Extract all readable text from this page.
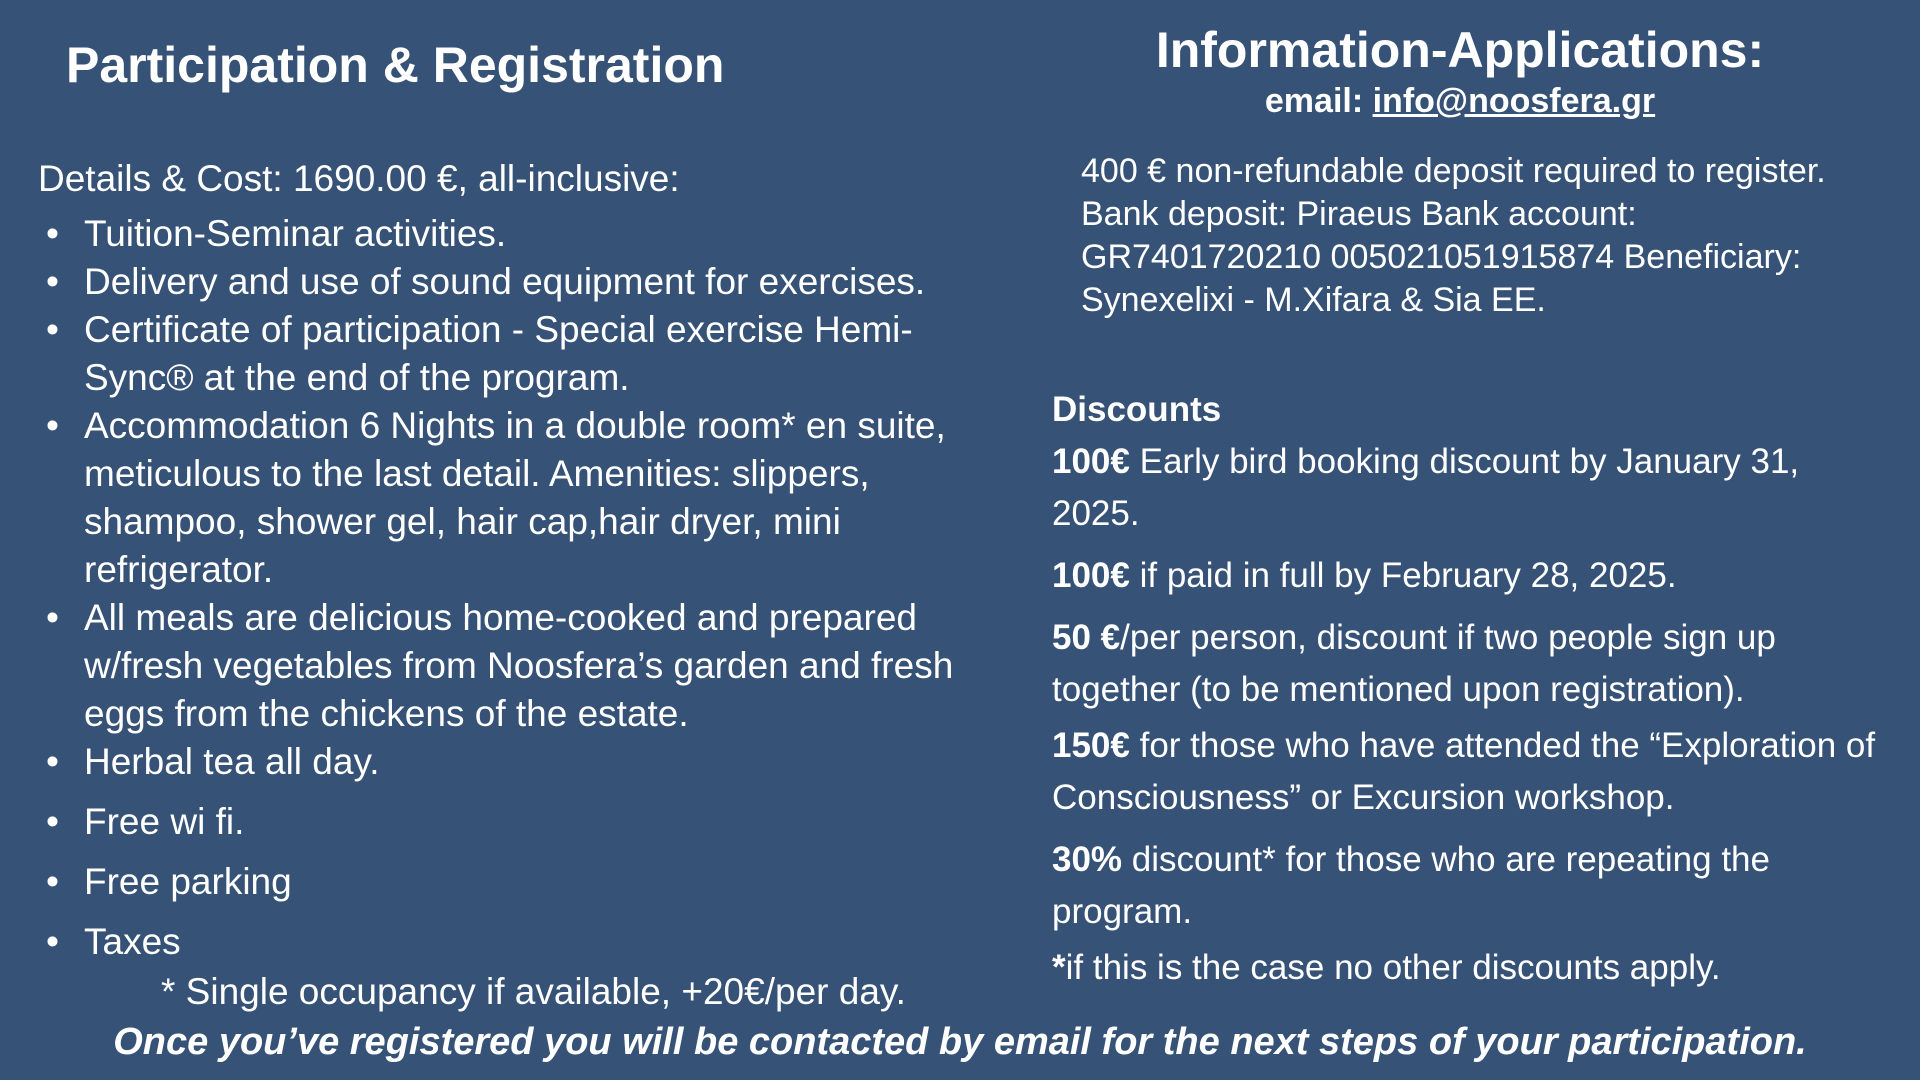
Participation & Registration
Details & Cost: 1690.00 €, all-inclusive:
• Tuition-Seminar activities.
• Delivery and use of sound equipment for exercises.
• Certificate of participation - Special exercise Hemi-Sync® at the end of the program.
• Accommodation 6 Nights in a double room* en suite, meticulous to the last detail. Amenities: slippers, shampoo, shower gel, hair cap,hair dryer, mini refrigerator.
• All meals are delicious home-cooked and prepared w/fresh vegetables from Noosfera’s garden and fresh eggs from the chickens of the estate.
• Herbal tea all day.
• Free wi fi.
• Free parking
• Taxes
* Single occupancy if available, +20€/per day.
Information-Applications:
email: info@noosfera.gr
400 € non-refundable deposit required to register. Bank deposit: Piraeus Bank account: GR7401720210 005021051915874 Beneficiary: Synexelixi - M.Xifara & Sia EE.
Discounts
100€ Early bird booking discount by January 31, 2025.
100€ if paid in full by February 28, 2025.
50 €/per person, discount if two people sign up together (to be mentioned upon registration).
150€ for those who have attended the “Exploration of Consciousness” or Excursion workshop.
30% discount* for those who are repeating the program.
*if this is the case no other discounts apply.
Once you’ve registered you will be contacted by email for the next steps of your participation.
